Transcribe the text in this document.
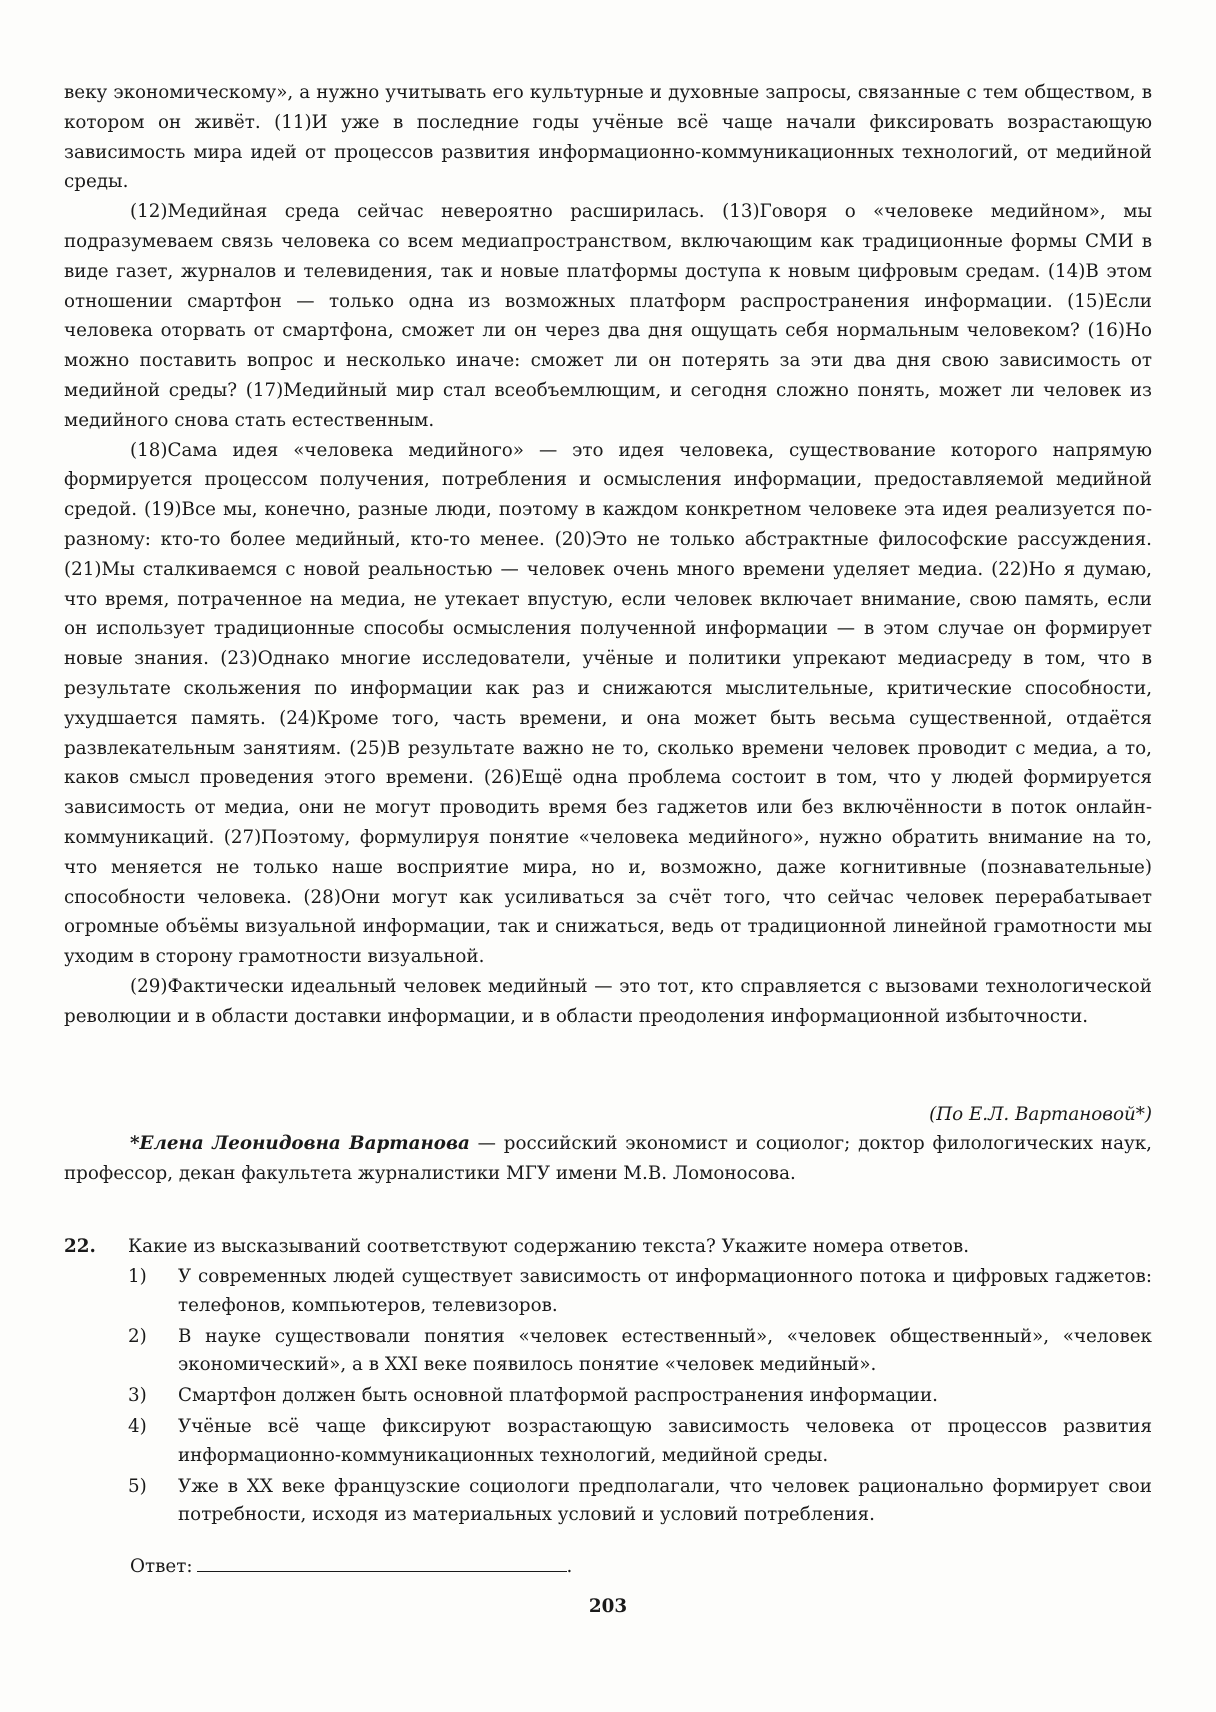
веку экономическому», а нужно учитывать его культурные и духовные запросы, связанные с тем обществом, в котором он живёт. (11)И уже в последние годы учёные всё чаще начали фиксировать возрастающую зависимость мира идей от процессов развития информационно-коммуникационных технологий, от медийной среды.

(12)Медийная среда сейчас невероятно расширилась. (13)Говоря о «человеке медийном», мы подразумеваем связь человека со всем медиапространством, включающим как традиционные формы СМИ в виде газет, журналов и телевидения, так и новые платформы доступа к новым цифровым средам. (14)В этом отношении смартфон — только одна из возможных платформ распространения информации. (15)Если человека оторвать от смартфона, сможет ли он через два дня ощущать себя нормальным человеком? (16)Но можно поставить вопрос и несколько иначе: сможет ли он потерять за эти два дня свою зависимость от медийной среды? (17)Медийный мир стал всеобъемлющим, и сегодня сложно понять, может ли человек из медийного снова стать естественным.

(18)Сама идея «человека медийного» — это идея человека, существование которого напрямую формируется процессом получения, потребления и осмысления информации, предоставляемой медийной средой. (19)Все мы, конечно, разные люди, поэтому в каждом конкретном человеке эта идея реализуется по-разному: кто-то более медийный, кто-то менее. (20)Это не только абстрактные философские рассуждения. (21)Мы сталкиваемся с новой реальностью — человек очень много времени уделяет медиа. (22)Но я думаю, что время, потраченное на медиа, не утекает впустую, если человек включает внимание, свою память, если он использует традиционные способы осмысления полученной информации — в этом случае он формирует новые знания. (23)Однако многие исследователи, учёные и политики упрекают медиасреду в том, что в результате скольжения по информации как раз и снижаются мыслительные, критические способности, ухудшается память. (24)Кроме того, часть времени, и она может быть весьма существенной, отдаётся развлекательным занятиям. (25)В результате важно не то, сколько времени человек проводит с медиа, а то, каков смысл проведения этого времени. (26)Ещё одна проблема состоит в том, что у людей формируется зависимость от медиа, они не могут проводить время без гаджетов или без включённости в поток онлайн-коммуникаций. (27)Поэтому, формулируя понятие «человека медийного», нужно обратить внимание на то, что меняется не только наше восприятие мира, но и, возможно, даже когнитивные (познавательные) способности человека. (28)Они могут как усиливаться за счёт того, что сейчас человек перерабатывает огромные объёмы визуальной информации, так и снижаться, ведь от традиционной линейной грамотности мы уходим в сторону грамотности визуальной.

(29)Фактически идеальный человек медийный — это тот, кто справляется с вызовами технологической революции и в области доставки информации, и в области преодоления информационной избыточности.

(По Е.Л. Вартановой*)
*Елена Леонидовна Вартанова — российский экономист и социолог; доктор филологических наук, профессор, декан факультета журналистики МГУ имени М.В. Ломоносова.
22. Какие из высказываний соответствуют содержанию текста? Укажите номера ответов.
1) У современных людей существует зависимость от информационного потока и цифровых гаджетов: телефонов, компьютеров, телевизоров.
2) В науке существовали понятия «человек естественный», «человек общественный», «человек экономический», а в XXI веке появилось понятие «человек медийный».
3) Смартфон должен быть основной платформой распространения информации.
4) Учёные всё чаще фиксируют возрастающую зависимость человека от процессов развития информационно-коммуникационных технологий, медийной среды.
5) Уже в XX веке французские социологи предполагали, что человек рационально формирует свои потребности, исходя из материальных условий и условий потребления.
Ответ:	.
203
